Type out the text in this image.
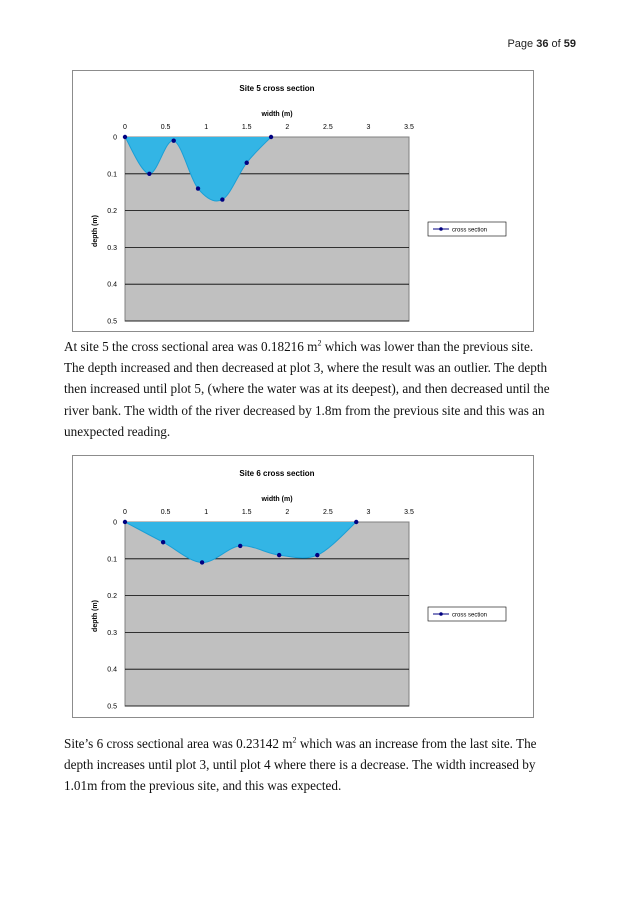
Page 36 of 59
Site 5 cross section
width (m)
depth (m)
0	0.5	1	1.5	2	2.5	3	3.5
0
0.1
0.2
0.3
0.4
0.5
cross section

At site 5 the cross sectional area was 0.18216 $m^2$ which was lower than the previous site. The depth increased and then decreased at plot 3, where the result was an outlier. The depth then increased until plot 5, (where the water was at its deepest), and then decreased until the river bank. The width of the river decreased by 1.8m from the previous site and this was an unexpected reading.

Site 6 cross section
width (m)
depth (m)
0	0.5	1	1.5	2	2.5	3	3.5
0
0.1
0.2
0.3
0.4
0.5
cross section

Site’s 6 cross sectional area was 0.23142 $m^2$ which was an increase from the last site. The depth increases until plot 3, until plot 4 where there is a decrease. The width increased by 1.01m from the previous site, and this was expected.
